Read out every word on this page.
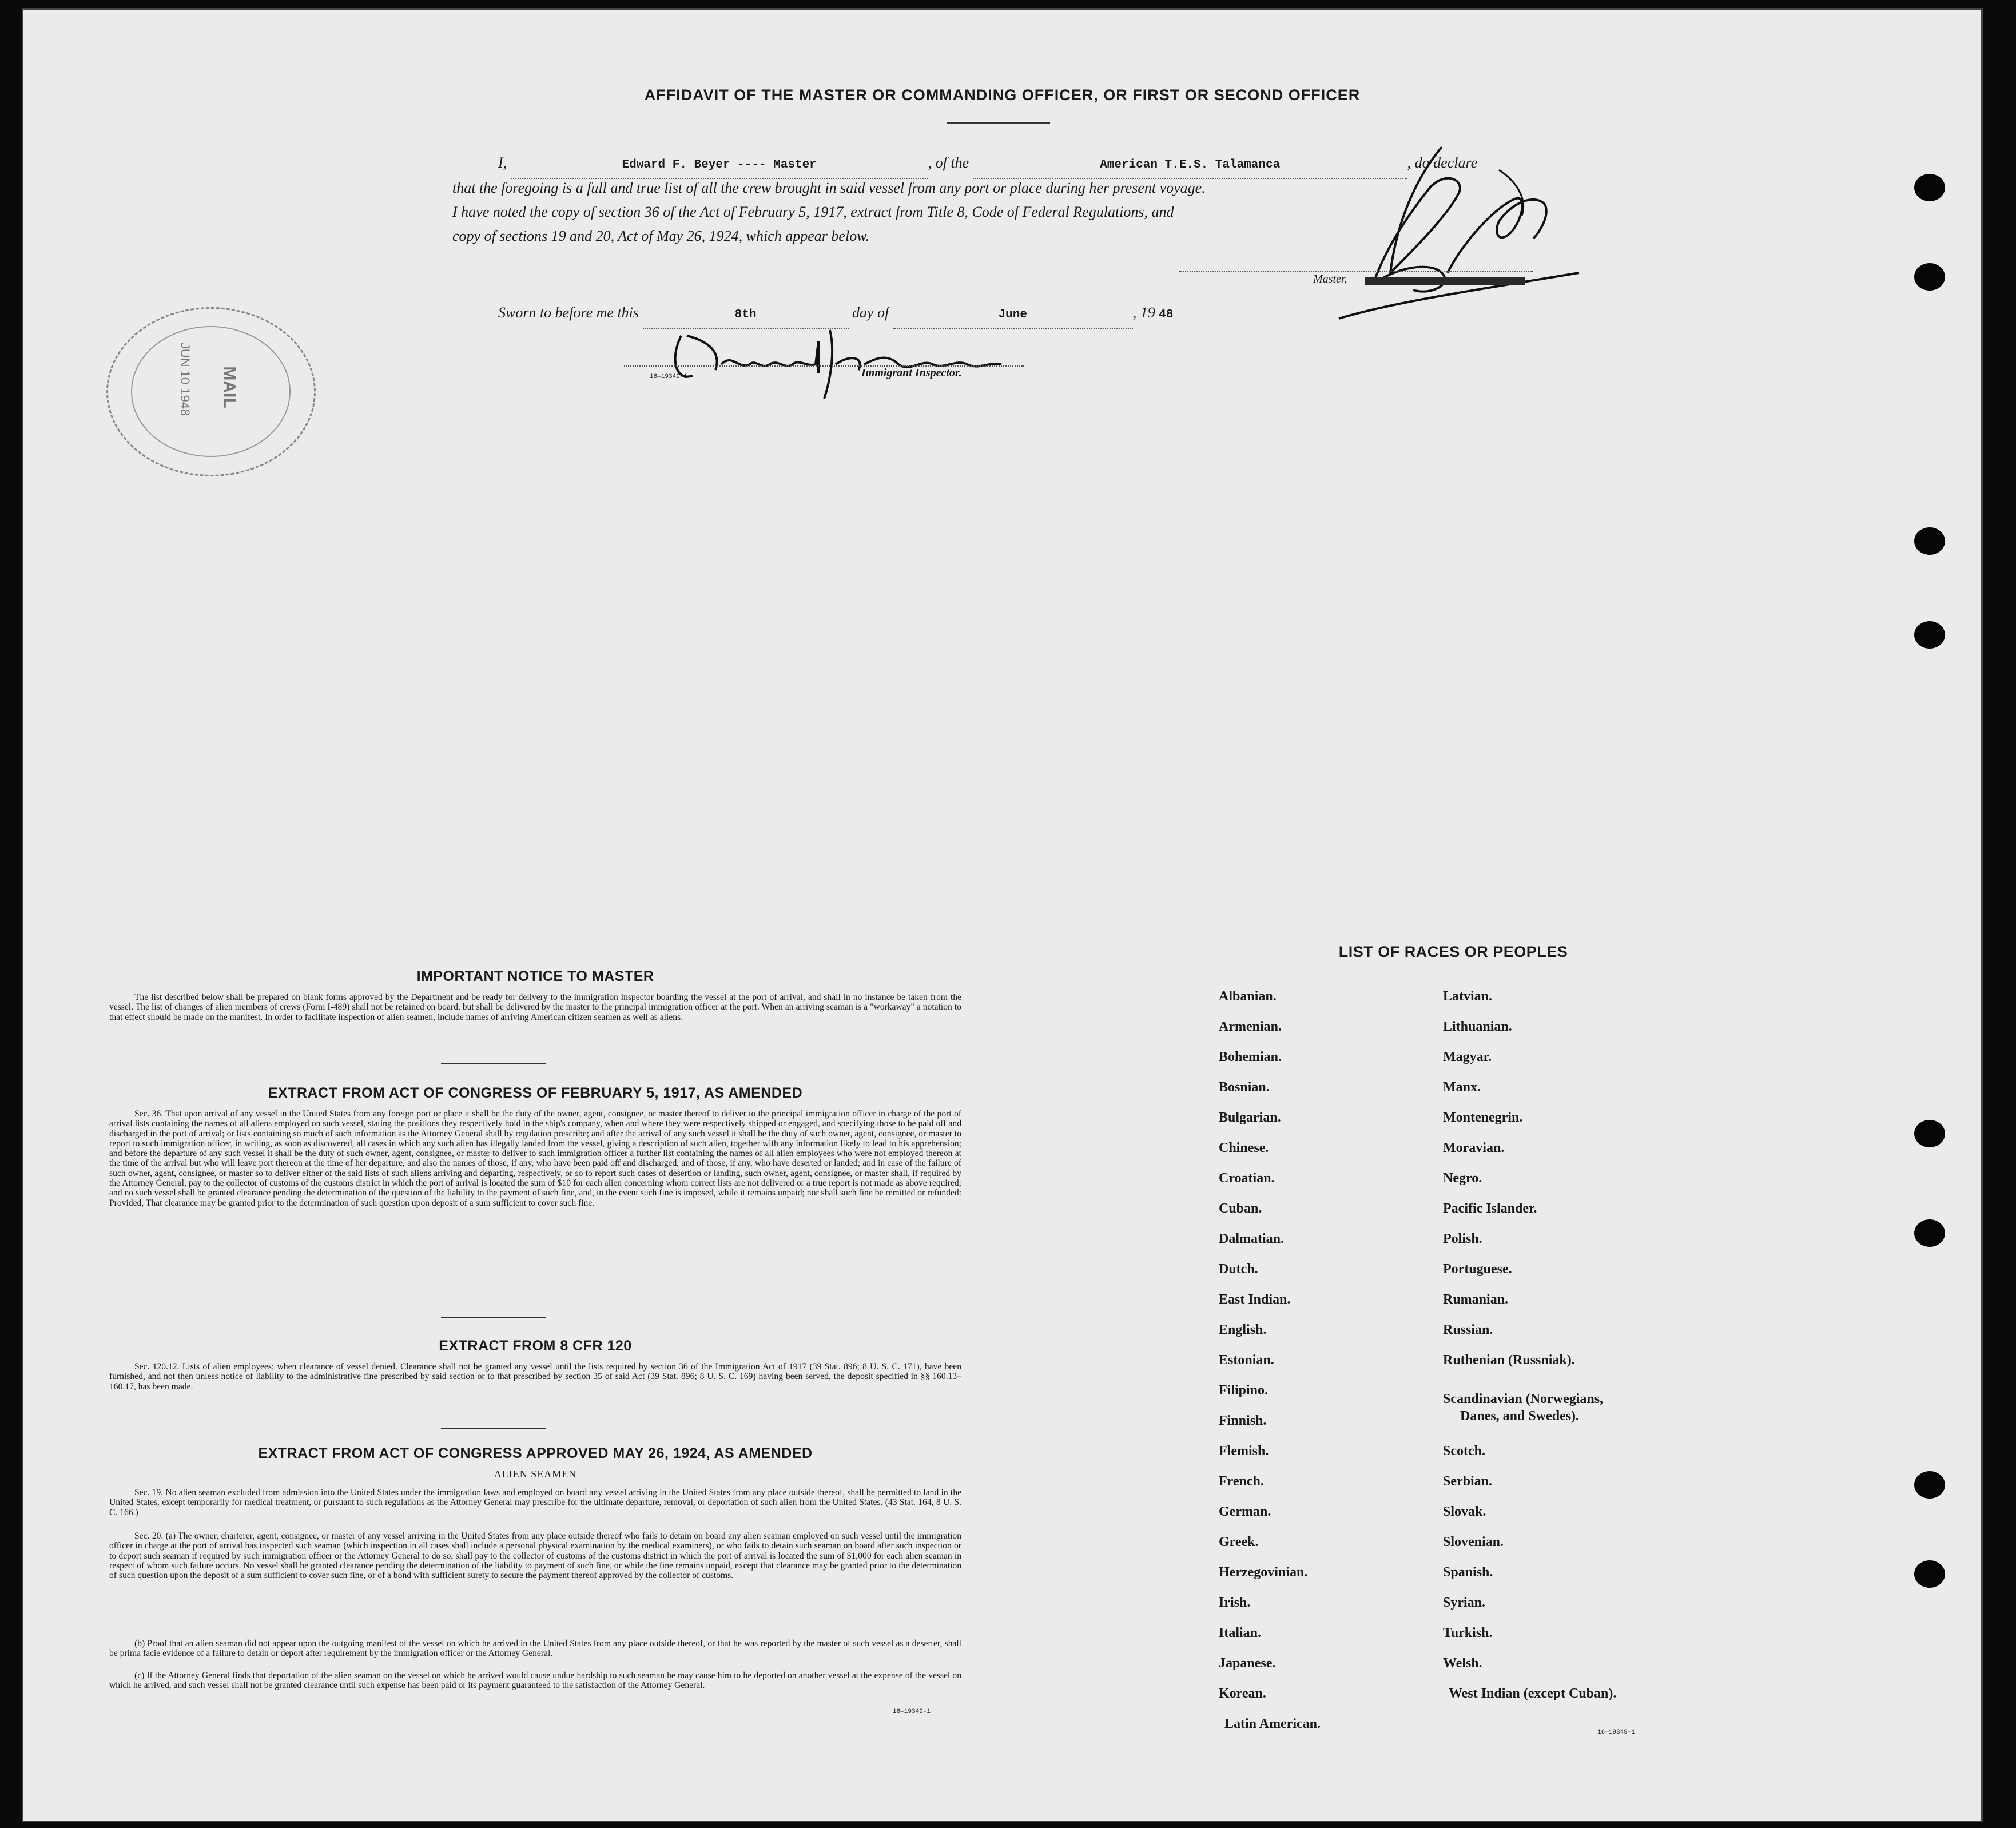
AFFIDAVIT OF THE MASTER OR COMMANDING OFFICER, OR FIRST OR SECOND OFFICER
I,	Edward F. Beyer ---- Master	, of the	American T.E.S. Talamanca	, do declare
that the foregoing is a full and true list of all the crew brought in said vessel from any port or place during her present voyage.
I have noted the copy of section 36 of the Act of February 5, 1917, extract from Title 8, Code of Federal Regulations, and
copy of sections 19 and 20, Act of May 26, 1924, which appear below.
Master,
Sworn to before me this	8th	day of	June	, 19 48
Immigrant Inspector.
16—19349-1
JUN 10 1948 MAIL
IMPORTANT NOTICE TO MASTER
The list described below shall be prepared on blank forms approved by the Department and be ready for delivery to the immigration inspector boarding the vessel at the port of arrival, and shall in no instance be taken from the vessel. The list of changes of alien members of crews (Form I-489) shall not be retained on board, but shall be delivered by the master to the principal immigration officer at the port. When an arriving seaman is a "workaway" a notation to that effect should be made on the manifest. In order to facilitate inspection of alien seamen, include names of arriving American citizen seamen as well as aliens.
EXTRACT FROM ACT OF CONGRESS OF FEBRUARY 5, 1917, AS AMENDED
Sec. 36. That upon arrival of any vessel in the United States from any foreign port or place it shall be the duty of the owner, agent, consignee, or master thereof to deliver to the principal immigration officer in charge of the port of arrival lists containing the names of all aliens employed on such vessel, stating the positions they respectively hold in the ship's company, when and where they were respectively shipped or engaged, and specifying those to be paid off and discharged in the port of arrival; or lists containing so much of such information as the Attorney General shall by regulation prescribe; and after the arrival of any such vessel it shall be the duty of such owner, agent, consignee, or master to report to such immigration officer, in writing, as soon as discovered, all cases in which any such alien has illegally landed from the vessel, giving a description of such alien, together with any information likely to lead to his apprehension; and before the departure of any such vessel it shall be the duty of such owner, agent, consignee, or master to deliver to such immigration officer a further list containing the names of all alien employees who were not employed thereon at the time of the arrival but who will leave port thereon at the time of her departure, and also the names of those, if any, who have been paid off and discharged, and of those, if any, who have deserted or landed; and in case of the failure of such owner, agent, consignee, or master so to deliver either of the said lists of such aliens arriving and departing, respectively, or so to report such cases of desertion or landing, such owner, agent, consignee, or master shall, if required by the Attorney General, pay to the collector of customs of the customs district in which the port of arrival is located the sum of $10 for each alien concerning whom correct lists are not delivered or a true report is not made as above required; and no such vessel shall be granted clearance pending the determination of the question of the liability to the payment of such fine, and, in the event such fine is imposed, while it remains unpaid; nor shall such fine be remitted or refunded: Provided, That clearance may be granted prior to the determination of such question upon deposit of a sum sufficient to cover such fine.
EXTRACT FROM 8 CFR 120
Sec. 120.12. Lists of alien employees; when clearance of vessel denied. Clearance shall not be granted any vessel until the lists required by section 36 of the Immigration Act of 1917 (39 Stat. 896; 8 U. S. C. 171), have been furnished, and not then unless notice of liability to the administrative fine prescribed by said section or to that prescribed by section 35 of said Act (39 Stat. 896; 8 U. S. C. 169) having been served, the deposit specified in §§ 160.13–160.17, has been made.
EXTRACT FROM ACT OF CONGRESS APPROVED MAY 26, 1924, AS AMENDED
ALIEN SEAMEN
Sec. 19. No alien seaman excluded from admission into the United States under the immigration laws and employed on board any vessel arriving in the United States from any place outside thereof, shall be permitted to land in the United States, except temporarily for medical treatment, or pursuant to such regulations as the Attorney General may prescribe for the ultimate departure, removal, or deportation of such alien from the United States. (43 Stat. 164, 8 U. S. C. 166.)
Sec. 20. (a) The owner, charterer, agent, consignee, or master of any vessel arriving in the United States from any place outside thereof who fails to detain on board any alien seaman employed on such vessel until the immigration officer in charge at the port of arrival has inspected such seaman (which inspection in all cases shall include a personal physical examination by the medical examiners), or who fails to detain such seaman on board after such inspection or to deport such seaman if required by such immigration officer or the Attorney General to do so, shall pay to the collector of customs of the customs district in which the port of arrival is located the sum of $1,000 for each alien seaman in respect of whom such failure occurs. No vessel shall be granted clearance pending the determination of the liability to payment of such fine, or while the fine remains unpaid, except that clearance may be granted prior to the determination of such question upon the deposit of a sum sufficient to cover such fine, or of a bond with sufficient surety to secure the payment thereof approved by the collector of customs.
(b) Proof that an alien seaman did not appear upon the outgoing manifest of the vessel on which he arrived in the United States from any place outside thereof, or that he was reported by the master of such vessel as a deserter, shall be prima facie evidence of a failure to detain or deport after requirement by the immigration officer or the Attorney General.
(c) If the Attorney General finds that deportation of the alien seaman on the vessel on which he arrived would cause undue hardship to such seaman he may cause him to be deported on another vessel at the expense of the vessel on which he arrived, and such vessel shall not be granted clearance until such expense has been paid or its payment guaranteed to the satisfaction of the Attorney General.
16—19349-1
LIST OF RACES OR PEOPLES
Albanian.
Armenian.
Bohemian.
Bosnian.
Bulgarian.
Chinese.
Croatian.
Cuban.
Dalmatian.
Dutch.
East Indian.
English.
Estonian.
Filipino.
Finnish.
Flemish.
French.
German.
Greek.
Herzegovinian.
Irish.
Italian.
Japanese.
Korean.
Latin American.
Latvian.
Lithuanian.
Magyar.
Manx.
Montenegrin.
Moravian.
Negro.
Pacific Islander.
Polish.
Portuguese.
Rumanian.
Russian.
Ruthenian (Russniak).
Scandinavian (Norwegians,
Danes, and Swedes).
Scotch.
Serbian.
Slovak.
Slovenian.
Spanish.
Syrian.
Turkish.
Welsh.
West Indian (except Cuban).
16—19349-1
